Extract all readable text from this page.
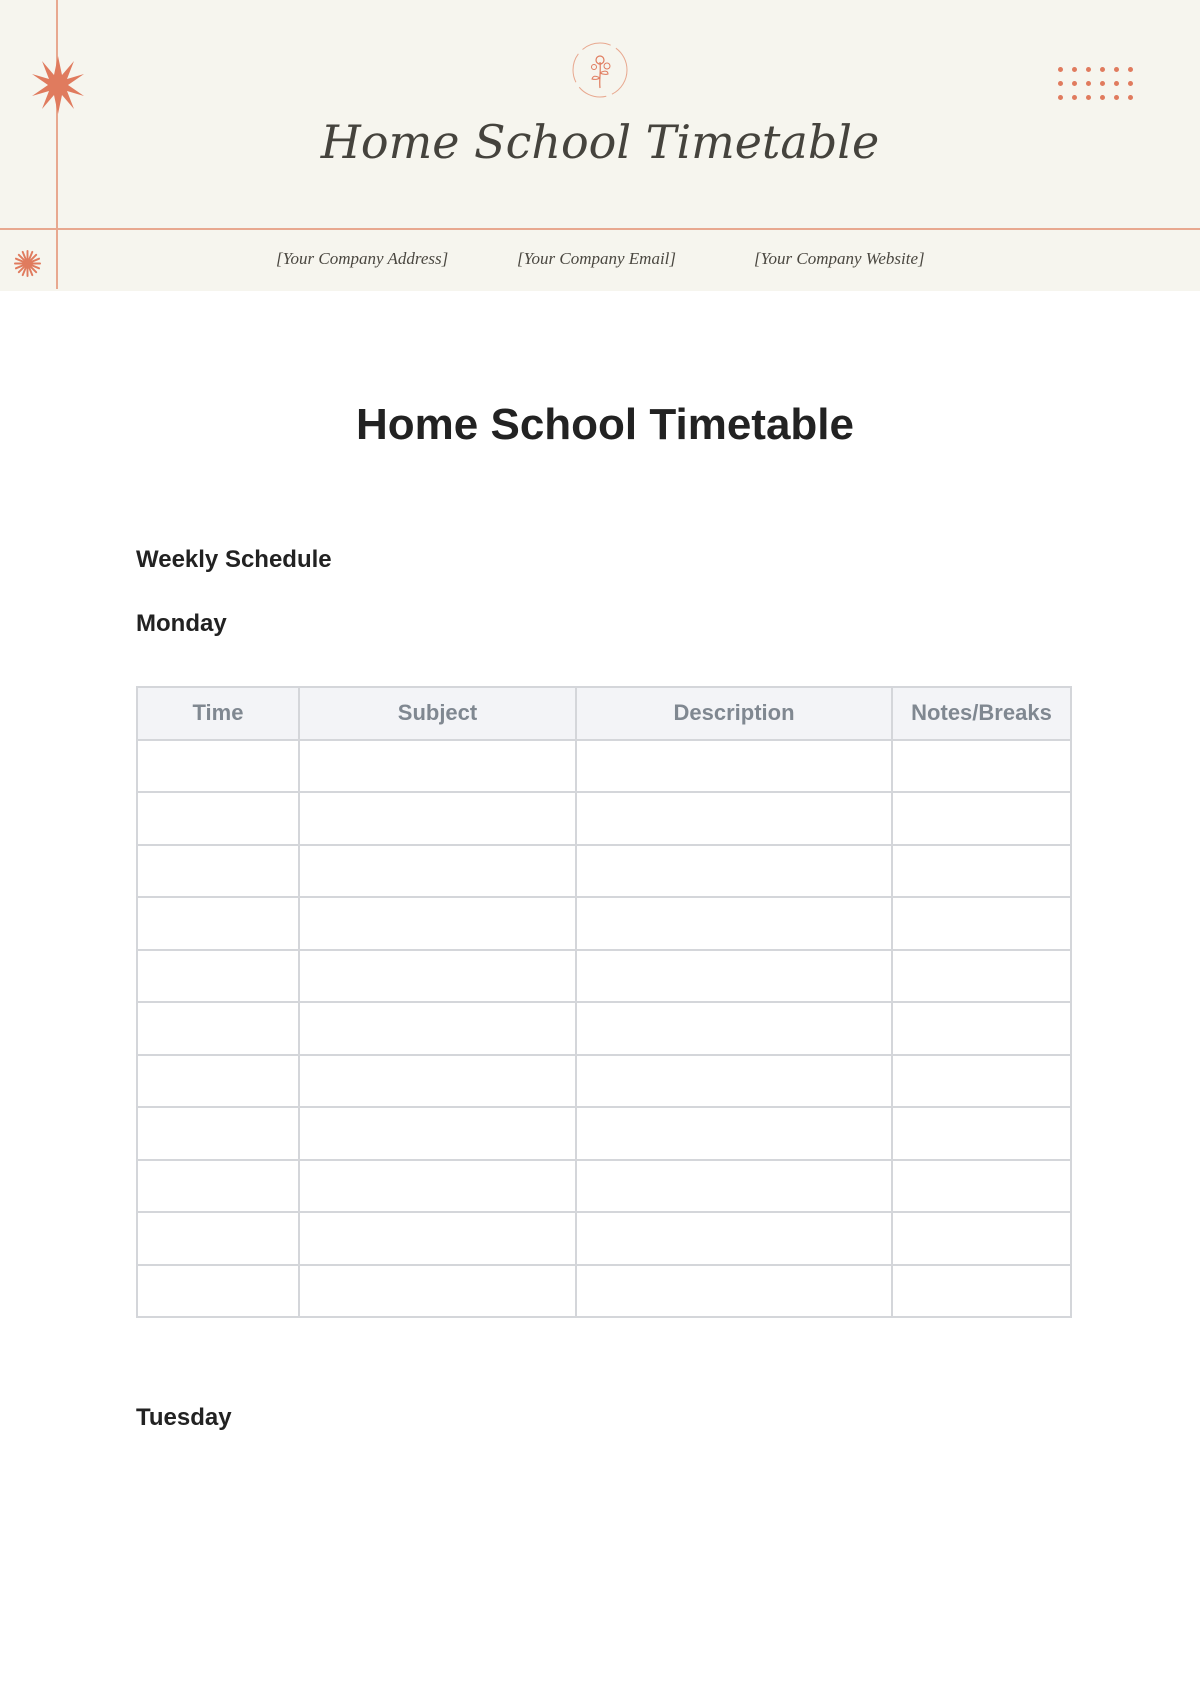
Home School Timetable
[Your Company Address]	[Your Company Email]	[Your Company Website]
Home School Timetable
Weekly Schedule
Monday
Time	Subject	Description	Notes/Breaks

Tuesday
